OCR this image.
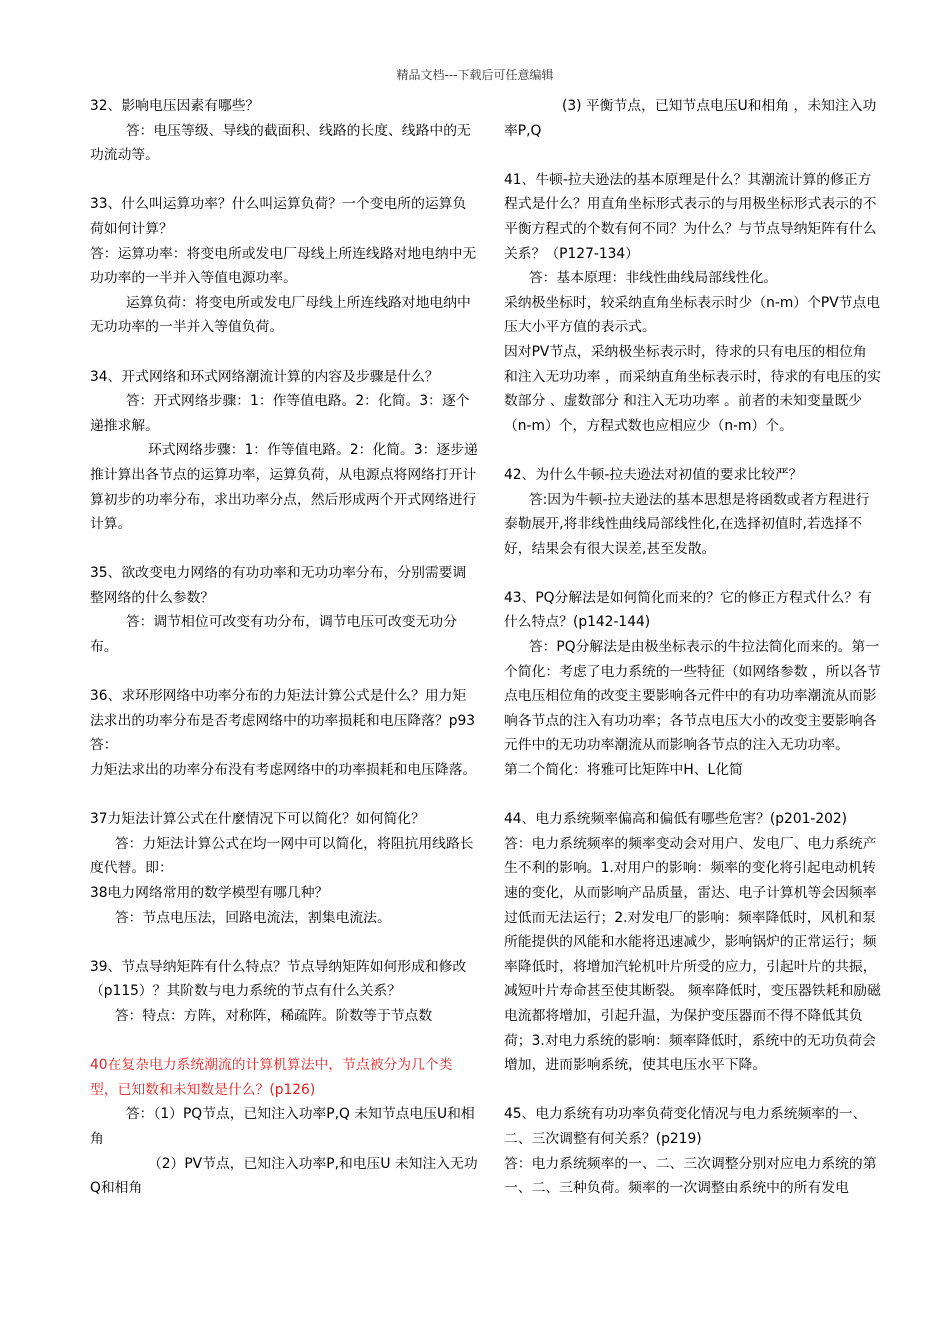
精品文档---下载后可任意编辑
32、影响电压因素有哪些？
答：电压等级、导线的截面积、线路的长度、线路中的无功流动等。
33、什么叫运算功率？什么叫运算负荷？一个变电所的运算负荷如何计算？
答：运算功率：将变电所或发电厂母线上所连线路对地电纳中无功功率的一半并入等值电源功率。
运算负荷：将变电所或发电厂母线上所连线路对地电纳中无功功率的一半并入等值负荷。
34、开式网络和环式网络潮流计算的内容及步骤是什么？
答：开式网络步骤：1：作等值电路。2：化简。3：逐个递推求解。
环式网络步骤：1：作等值电路。2：化简。3：逐步递推计算出各节点的运算功率，运算负荷，从电源点将网络打开计算初步的功率分布，求出功率分点，然后形成两个开式网络进行计算。
35、欲改变电力网络的有功功率和无功功率分布，分别需要调整网络的什么参数？
答：调节相位可改变有功分布，调节电压可改变无功分布。
36、求环形网络中功率分布的力矩法计算公式是什么？用力矩法求出的功率分布是否考虑网络中的功率损耗和电压降落？p93
答：
力矩法求出的功率分布没有考虑网络中的功率损耗和电压降落。
37力矩法计算公式在什麼情况下可以简化？如何简化？
答：力矩法计算公式在均一网中可以简化，将阻抗用线路长度代替。即：
38电力网络常用的数学模型有哪几种？
答：节点电压法，回路电流法，割集电流法。
39、节点导纳矩阵有什么特点？节点导纳矩阵如何形成和修改（p115）？其阶数与电力系统的节点有什么关系？
答：特点：方阵，对称阵，稀疏阵。阶数等于节点数
40在复杂电力系统潮流的计算机算法中，节点被分为几个类型，已知数和未知数是什么？(p126)
答：（1）PQ节点，已知注入功率P,Q 未知节点电压U和相角
（2）PV节点，已知注入功率P,和电压U 未知注入无功Q和相角
(3) 平衡节点，已知节点电压U和相角 ，未知注入功率P,Q
41、牛顿-拉夫逊法的基本原理是什么？其潮流计算的修正方程式是什么？用直角坐标形式表示的与用极坐标形式表示的不平衡方程式的个数有何不同？为什么？与节点导纳矩阵有什么关系？（P127-134）
答：基本原理：非线性曲线局部线性化。
采纳极坐标时，较采纳直角坐标表示时少（n-m）个PV节点电压大小平方值的表示式。
因对PV节点，采纳极坐标表示时，待求的只有电压的相位角 和注入无功功率 ，而采纳直角坐标表示时，待求的有电压的实数部分 、虚数部分 和注入无功功率 。前者的未知变量既少（n-m）个，方程式数也应相应少（n-m）个。
42、为什么牛顿-拉夫逊法对初值的要求比较严？
答:因为牛顿-拉夫逊法的基本思想是将函数或者方程进行泰勒展开,将非线性曲线局部线性化,在选择初值时,若选择不好，结果会有很大误差,甚至发散。
43、PQ分解法是如何简化而来的？它的修正方程式什么？有什么特点？(p142-144)
答：PQ分解法是由极坐标表示的牛拉法简化而来的。第一个简化：考虑了电力系统的一些特征（如网络参数 ，所以各节点电压相位角的改变主要影响各元件中的有功功率潮流从而影响各节点的注入有功功率；各节点电压大小的改变主要影响各元件中的无功功率潮流从而影响各节点的注入无功功率。
第二个简化：将雅可比矩阵中H、L化简
44、电力系统频率偏高和偏低有哪些危害？(p201-202)
答：电力系统频率的频率变动会对用户、发电厂、电力系统产生不利的影响。1.对用户的影响：频率的变化将引起电动机转速的变化，从而影响产品质量，雷达、电子计算机等会因频率过低而无法运行；2.对发电厂的影响：频率降低时，风机和泵所能提供的风能和水能将迅速减少，影响锅炉的正常运行；频率降低时，将增加汽轮机叶片所受的应力，引起叶片的共振，减短叶片寿命甚至使其断裂。 频率降低时，变压器铁耗和励磁电流都将增加，引起升温，为保护变压器而不得不降低其负荷；3.对电力系统的影响：频率降低时，系统中的无功负荷会增加，进而影响系统，使其电压水平下降。
45、电力系统有功功率负荷变化情况与电力系统频率的一、二、三次调整有何关系？(p219)
答：电力系统频率的一、二、三次调整分别对应电力系统的第一、二、三种负荷。频率的一次调整由系统中的所有发电
